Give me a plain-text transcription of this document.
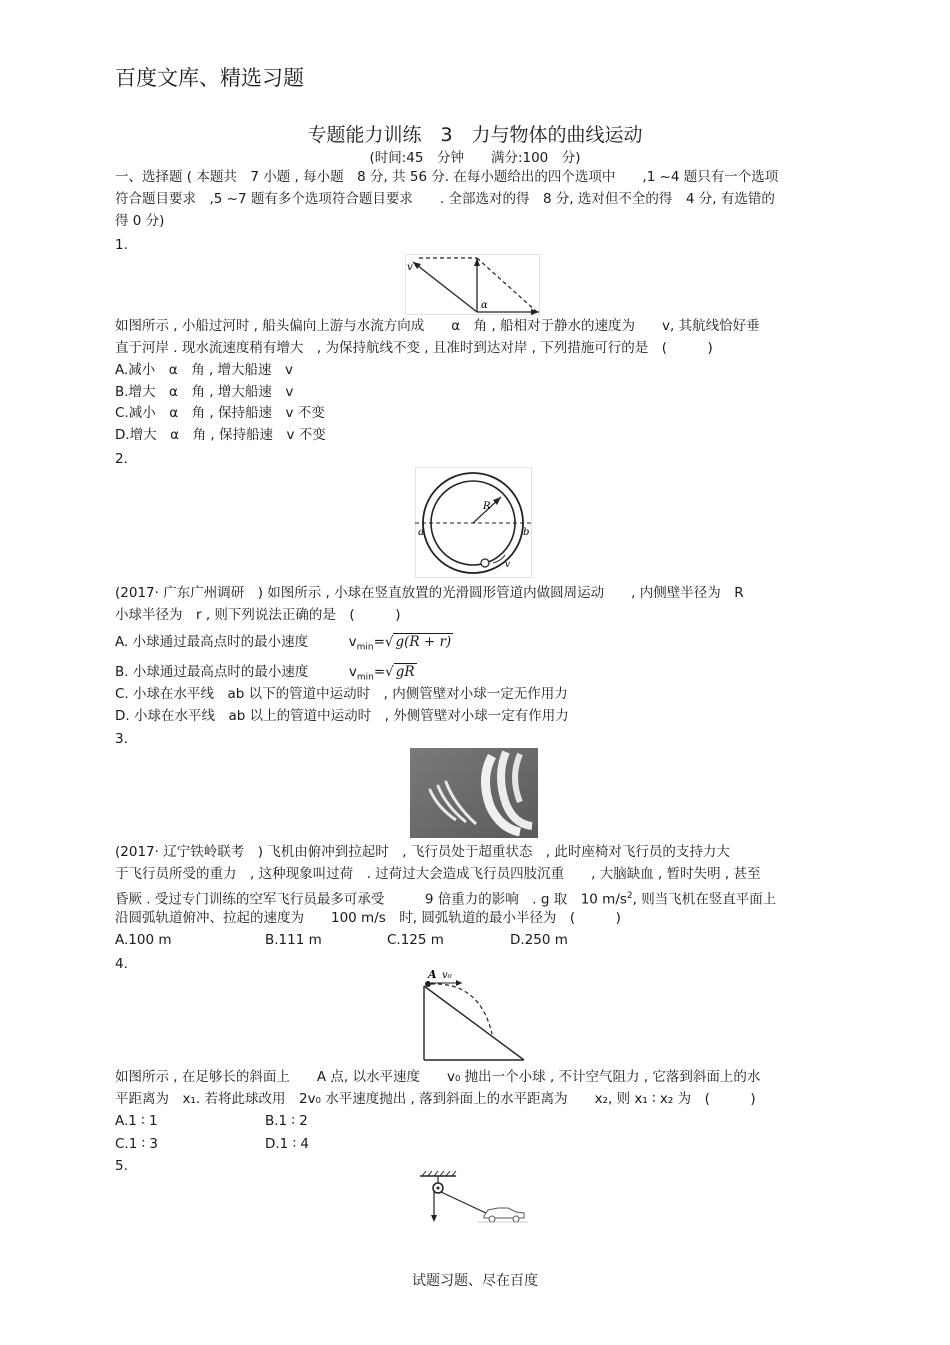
百度文库、精选习题
专题能力训练　3　力与物体的曲线运动
(时间:45　分钟　　满分:100　分)
一、选择题 ( 本题共　7 小题 , 每小题　8 分, 共 56 分. 在每小题给出的四个选项中　　,1 ~4 题只有一个选项
符合题目要求　,5 ~7 题有多个选项符合题目要求　　. 全部选对的得　8 分, 选对但不全的得　4 分, 有选错的
得 0 分)
1.
v
α
如图所示 , 小船过河时 , 船头偏向上游与水流方向成　　α　角 , 船相对于静水的速度为　　v, 其航线恰好垂
直于河岸 . 现水流速度稍有增大　, 为保持航线不变 , 且准时到达对岸 , 下列措施可行的是　(　　　)
A.减小　α　角 , 增大船速　v
B.增大　α　角 , 增大船速　v
C.减小　α　角 , 保持船速　v 不变
D.增大　α　角 , 保持船速　v 不变
2.
R
a	b
v
(2017· 广东广州调研　) 如图所示 , 小球在竖直放置的光滑圆形管道内做圆周运动　　, 内侧壁半径为　R
小球半径为　r , 则下列说法正确的是　(　　　)
A. 小球通过最高点时的最小速度　　　$v_{min}=√$ g(R + r)
B. 小球通过最高点时的最小速度　　　$v_{min}=√$ gR
C. 小球在水平线　ab 以下的管道中运动时　, 内侧管壁对小球一定无作用力
D. 小球在水平线　ab 以上的管道中运动时　, 外侧管壁对小球一定有作用力
3.
(2017· 辽宁铁岭联考　) 飞机由俯冲到拉起时　, 飞行员处于超重状态　, 此时座椅对飞行员的支持力大
于飞行员所受的重力　, 这种现象叫过荷　. 过荷过大会造成飞行员四肢沉重　　, 大脑缺血 , 暂时失明 , 甚至
昏厥 . 受过专门训练的空军飞行员最多可承受　　　9 倍重力的影响　. g 取　10 $m/s^2$, 则当飞机在竖直平面上
沿圆弧轨道俯冲、拉起的速度为　　100 m/s　时, 圆弧轨道的最小半径为　(　　　)
A.100 m	B.111 m	C.125 m	D.250 m
4.
A v₀
如图所示 , 在足够长的斜面上　　A 点, 以水平速度　　v₀ 抛出一个小球 , 不计空气阻力 , 它落到斜面上的水
平距离为　x₁. 若将此球改用　2v₀ 水平速度抛出 , 落到斜面上的水平距离为　　x₂, 则 x₁ ∶ x₂ 为　(　　　)
A.1 ∶ 1	B.1 ∶ 2
C.1 ∶ 3	D.1 ∶ 4
5.
试题习题、尽在百度
